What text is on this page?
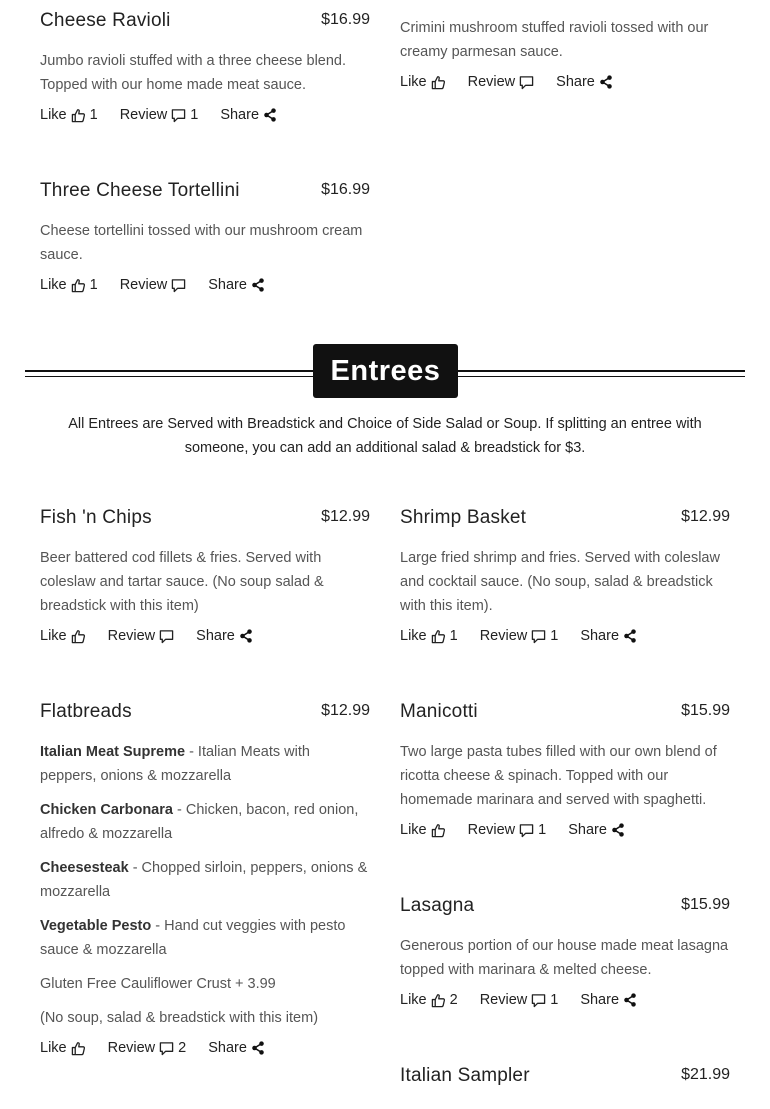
Cheese Ravioli	$16.99

Jumbo ravioli stuffed with a three cheese blend. Topped with our home made meat sauce.

Like 1 Review 1 Share

Crimini mushroom stuffed ravioli tossed with our creamy parmesan sauce.

Like	Review	Share
Three Cheese Tortellini	$16.99

Cheese tortellini tossed with our mushroom cream sauce.

Like 1 Review	Share
Entrees
All Entrees are Served with Breadstick and Choice of Side Salad or Soup. If splitting an entree with someone, you can add an additional salad & breadstick for $3.
Fish 'n Chips	$12.99

Beer battered cod fillets & fries. Served with coleslaw and tartar sauce. (No soup salad & breadstick with this item)

Like	Review	Share
Shrimp Basket	$12.99

Large fried shrimp and fries. Served with coleslaw and cocktail sauce. (No soup, salad & breadstick with this item).

Like 1 Review 1 Share
Flatbreads	$12.99

Italian Meat Supreme - Italian Meats with peppers, onions & mozzarella

Chicken Carbonara - Chicken, bacon, red onion, alfredo & mozzarella

Cheesesteak - Chopped sirloin, peppers, onions & mozzarella

Vegetable Pesto - Hand cut veggies with pesto sauce & mozzarella

Gluten Free Cauliflower Crust + 3.99

(No soup, salad & breadstick with this item)

Like	Review 2 Share
Manicotti	$15.99

Two large pasta tubes filled with our own blend of ricotta cheese & spinach. Topped with our homemade marinara and served with spaghetti.

Like	Review 1 Share
Lasagna	$15.99

Generous portion of our house made meat lasagna topped with marinara & melted cheese.

Like 2 Review 1 Share
Italian Sampler	$21.99
